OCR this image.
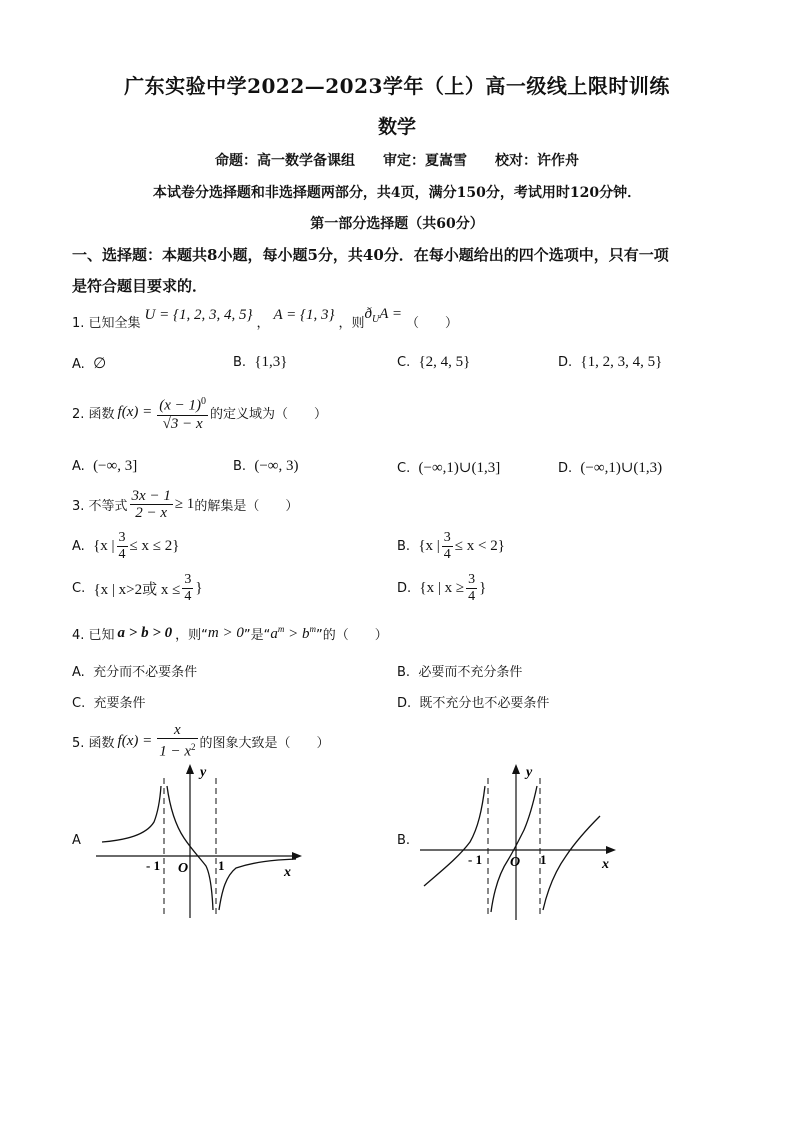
广东实验中学2022—2023学年（上）高一级线上限时训练
数学
命题：高一数学备课组　　审定：夏嵩雪　　校对：许作舟
本试卷分选择题和非选择题两部分，共4页，满分150分，考试用时120分钟．
第一部分选择题（共60分）
一、选择题：本题共8小题，每小题5分，共40分．在每小题给出的四个选项中，只有一项
是符合题目要求的．
1. 已知全集
U = {1, 2, 3, 4, 5}
，
A = {1, 3}
，则
$ð_UA$ =
（　　）
A. ∅	B. {1,3}	C. {2, 4, 5}	D. {1, 2, 3, 4, 5}
2. 函数 $f(x) = \frac{(x - 1)^0}{√3 - x}$ 的定义域为（　　）
A. (−∞, 3]	B. (−∞, 3)	C. (−∞,1)∪(1,3]	D. (−∞,1)∪(1,3)
3. 不等式 $\frac{3x - 1}{2 - x} \ge 1$ 的解集是（　　）
A.
{x | $\frac{3}{4} \le x \le 2$}	B.
{x | $\frac{3}{4} \le x < 2$}
C.
{x | x>2或 $x \le \frac{3}{4}$ }	D.
{x | $x \ge \frac{3}{4}$ }
4. 已知 a > b > 0 ，则“ m > 0 ”是“ $a^m > b^m$ ”的（　　）
A. 充分而不必要条件	B. 必要而不充分条件
C. 充要条件	D. 既不充分也不必要条件
5. 函数 $f(x) = \frac{x}{1 - x^2}$ 的图象大致是（　　）
A
y
x
O
- 1	1
B.
y
x
O
- 1	1
